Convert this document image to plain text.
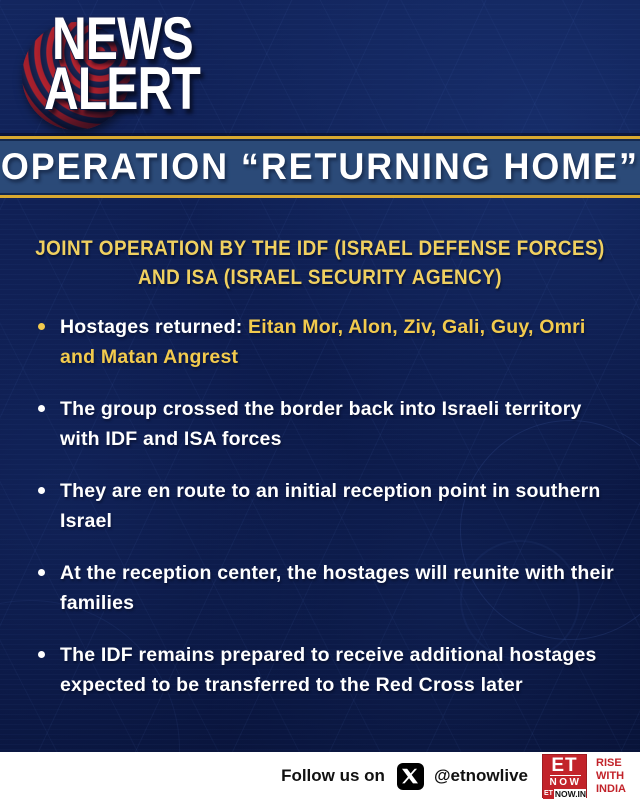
NEWS
ALERT
OPERATION “RETURNING HOME”
JOINT OPERATION BY THE IDF (ISRAEL DEFENSE FORCES)
AND ISA (ISRAEL SECURITY AGENCY)
Hostages returned: Eitan Mor, Alon, Ziv, Gali, Guy, Omri and Matan Angrest
The group crossed the border back into Israeli territory with IDF and ISA forces
They are en route to an initial reception point in southern Israel
At the reception center, the hostages will reunite with their families
The IDF remains prepared to receive additional hostages expected to be transferred to the Red Cross later
Follow us on	@etnowlive ET
NOW
ET NOW.IN
RISE
WITH
INDIA
